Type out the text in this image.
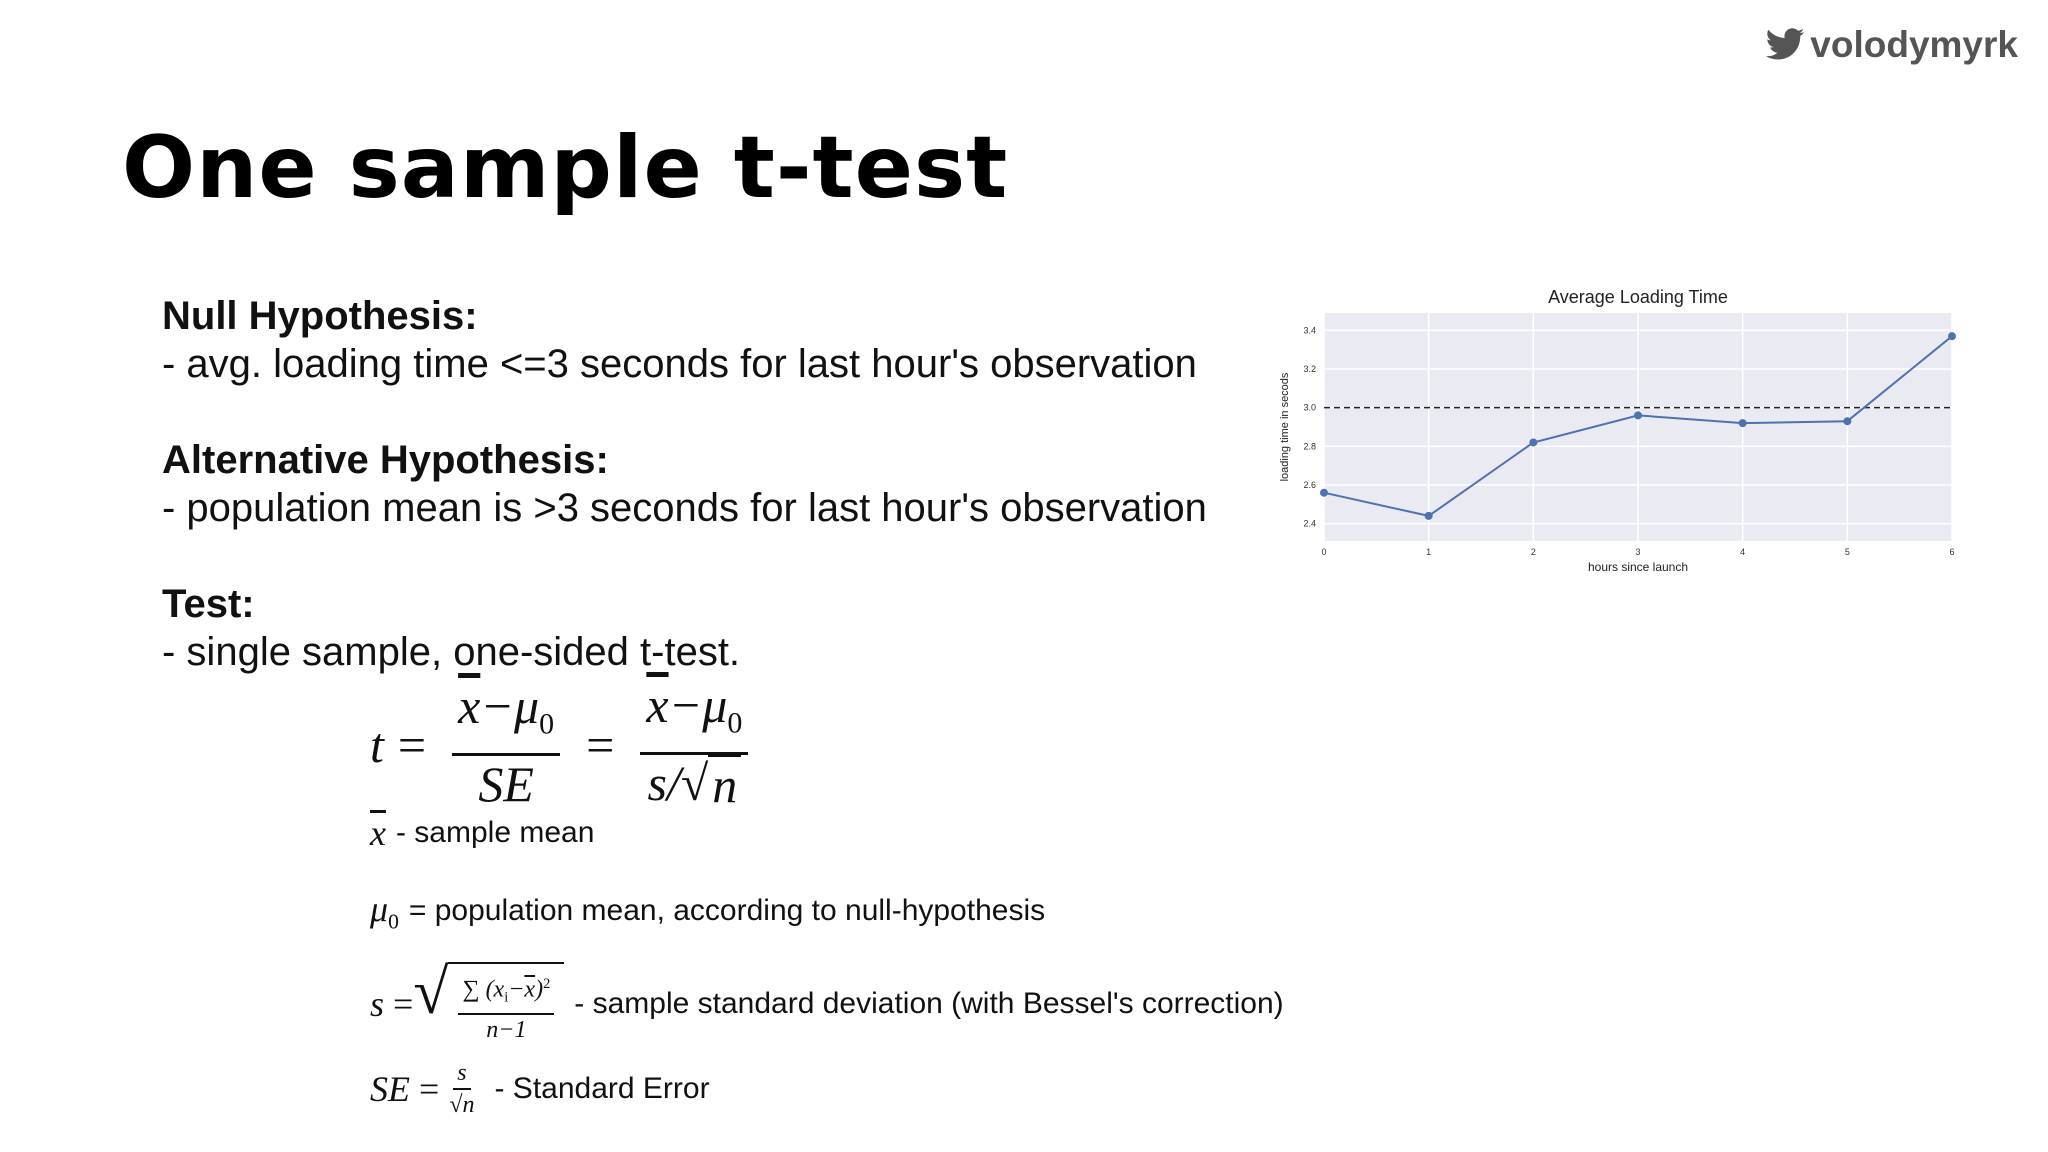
volodymyrk
One sample t-test
Null Hypothesis:
- avg. loading time <=3 seconds for last hour's observation
Alternative Hypothesis:
- population mean is >3 seconds for last hour's observation
Test:
- single sample, one-sided t-test.
$t = \frac{\overline{x}-\mu_0}{SE} = \frac{\overline{x}-\mu_0}{s/ √ n}$
$\overline{x}$ - sample mean
$\mu_0$ = population mean, according to null-hypothesis
s = √ $\frac{\sum (x_i-\overline{x})^2}{n-1}$ - sample standard deviation (with Bessel's correction)
SE = $\frac{s}{√n}$ - Standard Error
2.4
2.6
2.8
3.0
3.2
3.4
0	1	2	3	4	5	6
Average Loading Time
hours since launch
loading time in secods
